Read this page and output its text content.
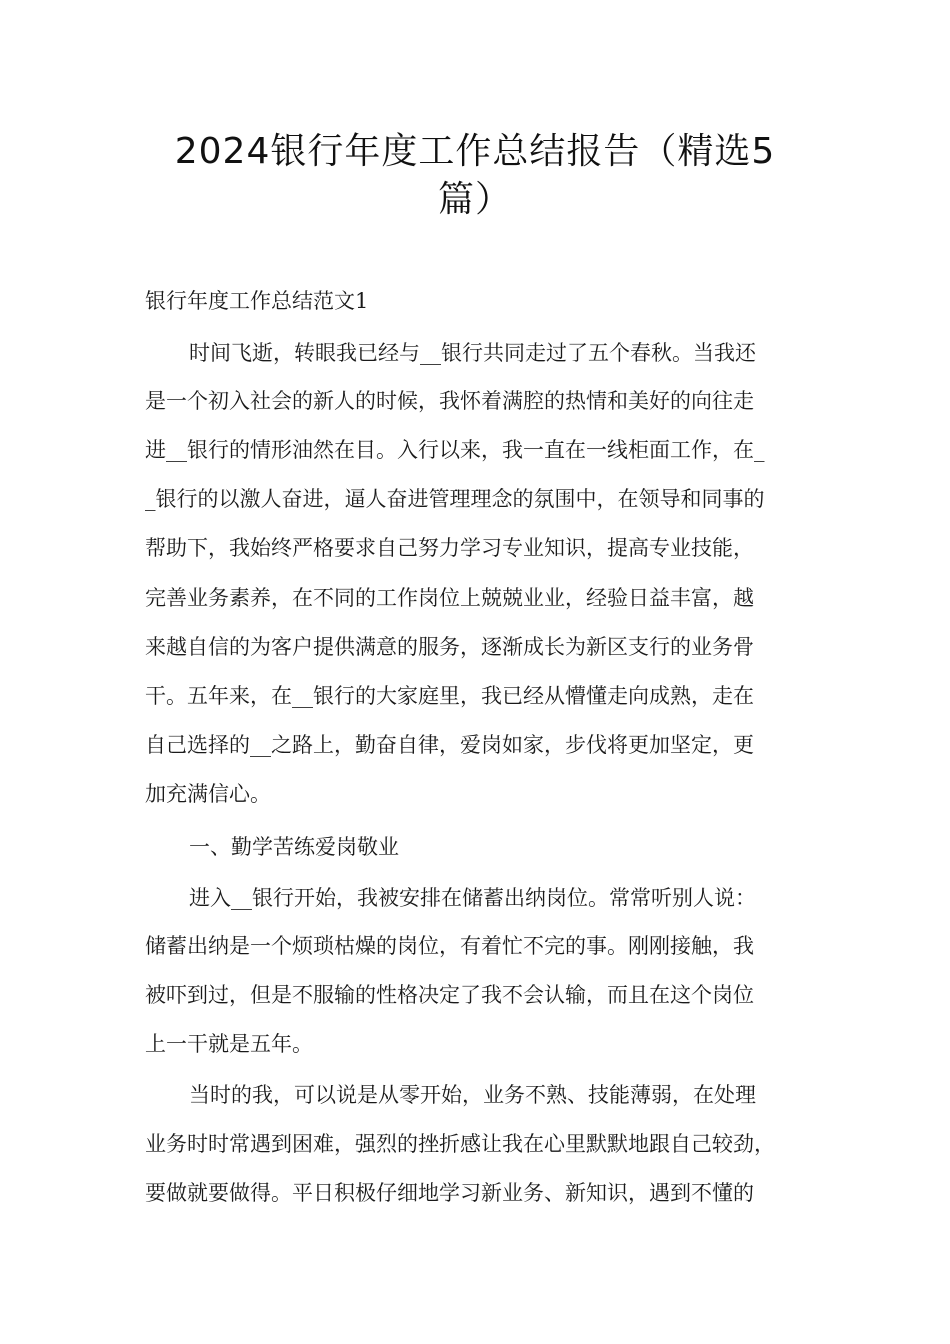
2024银行年度工作总结报告（精选5
篇）
银行年度工作总结范文1
时间飞逝，转眼我已经与__银行共同走过了五个春秋。当我还
是一个初入社会的新人的时候，我怀着满腔的热情和美好的向往走
进__银行的情形油然在目。入行以来，我一直在一线柜面工作，在_
_银行的以激人奋进，逼人奋进管理理念的氛围中，在领导和同事的
帮助下，我始终严格要求自己努力学习专业知识，提高专业技能，
完善业务素养，在不同的工作岗位上兢兢业业，经验日益丰富，越
来越自信的为客户提供满意的服务，逐渐成长为新区支行的业务骨
干。五年来，在__银行的大家庭里，我已经从懵懂走向成熟，走在
自己选择的__之路上，勤奋自律，爱岗如家，步伐将更加坚定，更
加充满信心。
一、勤学苦练爱岗敬业
进入__银行开始，我被安排在储蓄出纳岗位。常常听别人说：
储蓄出纳是一个烦琐枯燥的岗位，有着忙不完的事。刚刚接触，我
被吓到过，但是不服输的性格决定了我不会认输，而且在这个岗位
上一干就是五年。
当时的我，可以说是从零开始，业务不熟、技能薄弱，在处理
业务时时常遇到困难，强烈的挫折感让我在心里默默地跟自己较劲，
要做就要做得。平日积极仔细地学习新业务、新知识，遇到不懂的
